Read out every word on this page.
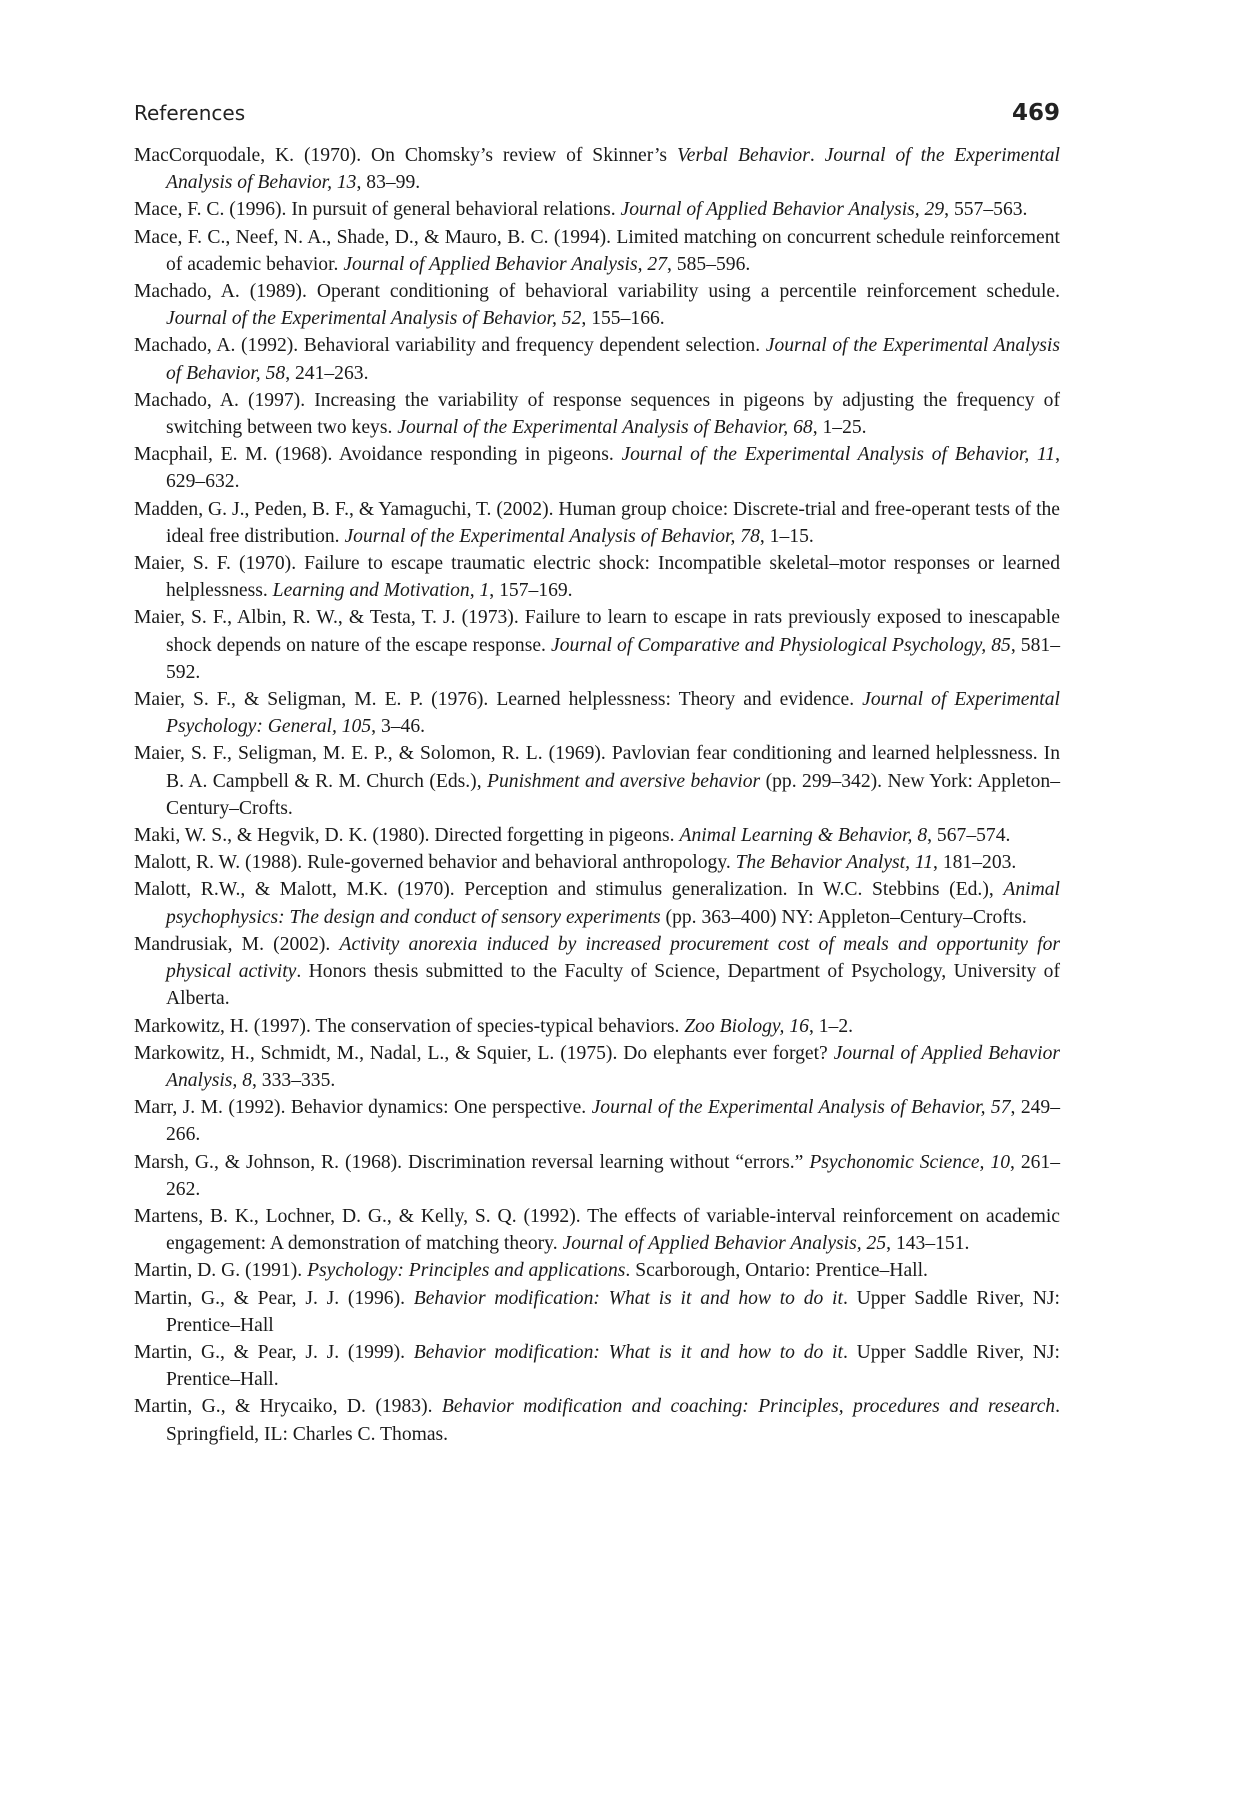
References	469
MacCorquodale, K. (1970). On Chomsky’s review of Skinner’s Verbal Behavior. Journal of the Experimental Analysis of Behavior, 13, 83–99.
Mace, F. C. (1996). In pursuit of general behavioral relations. Journal of Applied Behavior Analysis, 29, 557–563.
Mace, F. C., Neef, N. A., Shade, D., & Mauro, B. C. (1994). Limited matching on concurrent schedule reinforcement of academic behavior. Journal of Applied Behavior Analysis, 27, 585–596.
Machado, A. (1989). Operant conditioning of behavioral variability using a percentile reinforcement schedule. Journal of the Experimental Analysis of Behavior, 52, 155–166.
Machado, A. (1992). Behavioral variability and frequency dependent selection. Journal of the Experimental Analysis of Behavior, 58, 241–263.
Machado, A. (1997). Increasing the variability of response sequences in pigeons by adjusting the frequency of switching between two keys. Journal of the Experimental Analysis of Behavior, 68, 1–25.
Macphail, E. M. (1968). Avoidance responding in pigeons. Journal of the Experimental Analysis of Behavior, 11, 629–632.
Madden, G. J., Peden, B. F., & Yamaguchi, T. (2002). Human group choice: Discrete-trial and free-operant tests of the ideal free distribution. Journal of the Experimental Analysis of Behavior, 78, 1–15.
Maier, S. F. (1970). Failure to escape traumatic electric shock: Incompatible skeletal–motor responses or learned helplessness. Learning and Motivation, 1, 157–169.
Maier, S. F., Albin, R. W., & Testa, T. J. (1973). Failure to learn to escape in rats previously exposed to inescapable shock depends on nature of the escape response. Journal of Comparative and Physiological Psychology, 85, 581–592.
Maier, S. F., & Seligman, M. E. P. (1976). Learned helplessness: Theory and evidence. Journal of Experimental Psychology: General, 105, 3–46.
Maier, S. F., Seligman, M. E. P., & Solomon, R. L. (1969). Pavlovian fear conditioning and learned helplessness. In B. A. Campbell & R. M. Church (Eds.), Punishment and aversive behavior (pp. 299–342). New York: Appleton–Century–Crofts.
Maki, W. S., & Hegvik, D. K. (1980). Directed forgetting in pigeons. Animal Learning & Behavior, 8, 567–574.
Malott, R. W. (1988). Rule-governed behavior and behavioral anthropology. The Behavior Analyst, 11, 181–203.
Malott, R.W., & Malott, M.K. (1970). Perception and stimulus generalization. In W.C. Stebbins (Ed.), Animal psychophysics: The design and conduct of sensory experiments (pp. 363–400) NY: Appleton–Century–Crofts.
Mandrusiak, M. (2002). Activity anorexia induced by increased procurement cost of meals and opportunity for physical activity. Honors thesis submitted to the Faculty of Science, Department of Psychology, University of Alberta.
Markowitz, H. (1997). The conservation of species-typical behaviors. Zoo Biology, 16, 1–2.
Markowitz, H., Schmidt, M., Nadal, L., & Squier, L. (1975). Do elephants ever forget? Journal of Applied Behavior Analysis, 8, 333–335.
Marr, J. M. (1992). Behavior dynamics: One perspective. Journal of the Experimental Analysis of Behavior, 57, 249–266.
Marsh, G., & Johnson, R. (1968). Discrimination reversal learning without “errors.” Psychonomic Science, 10, 261–262.
Martens, B. K., Lochner, D. G., & Kelly, S. Q. (1992). The effects of variable-interval reinforcement on academic engagement: A demonstration of matching theory. Journal of Applied Behavior Analysis, 25, 143–151.
Martin, D. G. (1991). Psychology: Principles and applications. Scarborough, Ontario: Prentice–Hall.
Martin, G., & Pear, J. J. (1996). Behavior modification: What is it and how to do it. Upper Saddle River, NJ: Prentice–Hall
Martin, G., & Pear, J. J. (1999). Behavior modification: What is it and how to do it. Upper Saddle River, NJ: Prentice–Hall.
Martin, G., & Hrycaiko, D. (1983). Behavior modification and coaching: Principles, procedures and research. Springfield, IL: Charles C. Thomas.
